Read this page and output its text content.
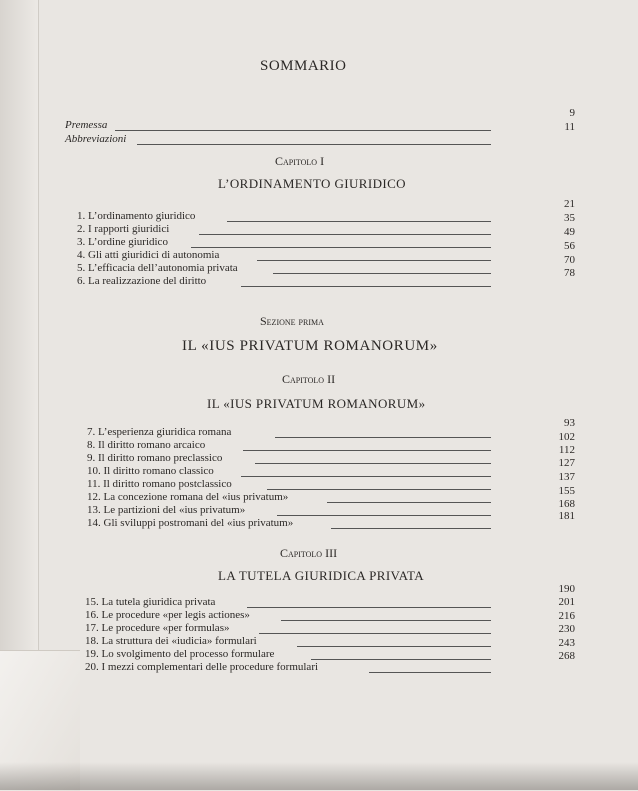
SOMMARIO
Premessa
9
Abbreviazioni
11
Capitolo I
L’ORDINAMENTO GIURIDICO
1. L’ordinamento giuridico
21
2. I rapporti giuridici
35
3. L’ordine giuridico
49
4. Gli atti giuridici di autonomia
56
5. L’efficacia dell’autonomia privata
70
6. La realizzazione del diritto
78
Sezione prima
IL «IUS PRIVATUM ROMANORUM»
Capitolo II
IL «IUS PRIVATUM ROMANORUM»
7. L’esperienza giuridica romana
93
8. Il diritto romano arcaico
102
9. Il diritto romano preclassico
112
10. Il diritto romano classico
127
11. Il diritto romano postclassico
137
12. La concezione romana del «ius privatum»	155
13. Le partizioni del «ius privatum»	168
14. Gli sviluppi postromani del «ius privatum»
181
Capitolo III
LA TUTELA GIURIDICA PRIVATA
15. La tutela giuridica privata
190
16. Le procedure «per legis actiones»
201
17. Le procedure «per formulas»
216
18. La struttura dei «iudicia» formulari
230
19. Lo svolgimento del processo formulare
243
20. I mezzi complementari delle procedure formulari
268
